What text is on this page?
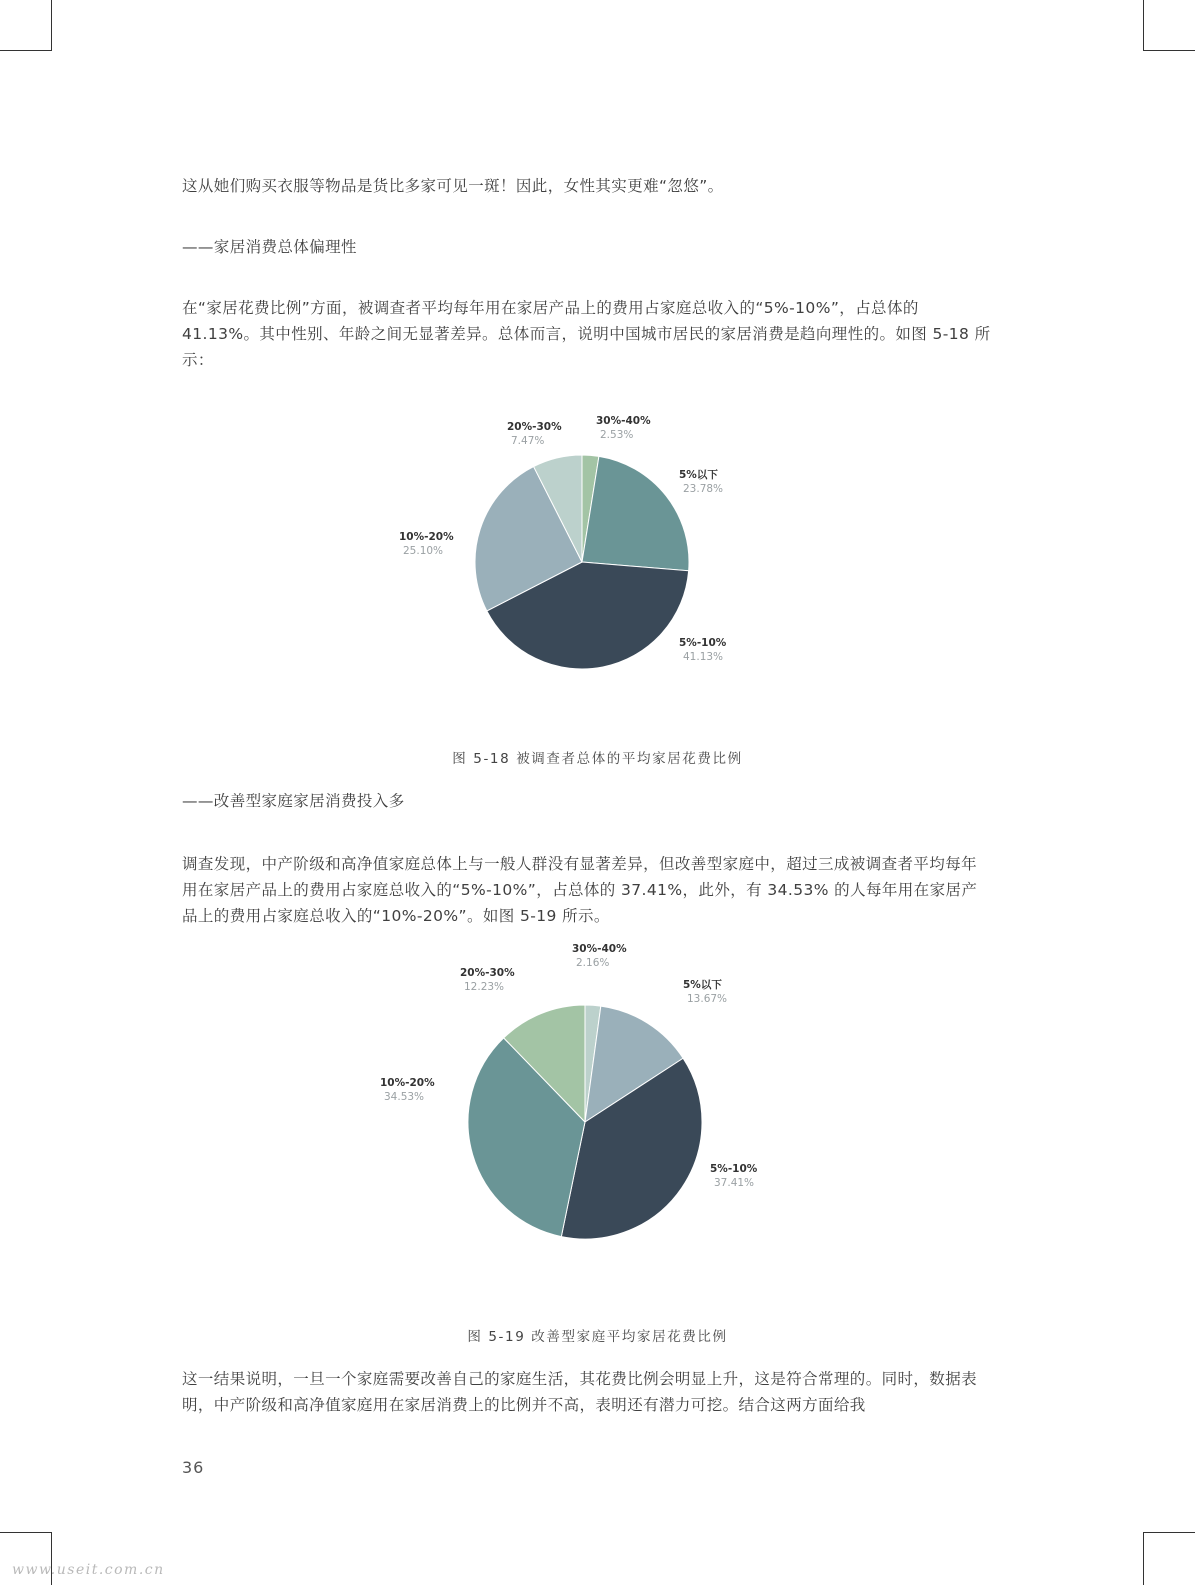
这从她们购买衣服等物品是货比多家可见一斑！因此，女性其实更难“忽悠”。
——家居消费总体偏理性
在“家居花费比例”方面，被调查者平均每年用在家居产品上的费用占家庭总收入的“5%-10%”，占总体的 41.13%。其中性别、年龄之间无显著差异。总体而言，说明中国城市居民的家居消费是趋向理性的。如图 5-18 所示：
30%-40%
2.53%
5%以下
23.78%
5%-10%
41.13%
10%-20%
25.10%
20%-30%
7.47%
图 5-18 被调查者总体的平均家居花费比例
——改善型家庭家居消费投入多
调查发现，中产阶级和高净值家庭总体上与一般人群没有显著差异，但改善型家庭中，超过三成被调查者平均每年用在家居产品上的费用占家庭总收入的“5%-10%”，占总体的 37.41%，此外，有 34.53% 的人每年用在家居产品上的费用占家庭总收入的“10%-20%”。如图 5-19 所示。
30%-40%
2.16%
5%以下
13.67%
5%-10%
37.41%
10%-20%
34.53%
20%-30%
12.23%
图 5-19 改善型家庭平均家居花费比例
这一结果说明，一旦一个家庭需要改善自己的家庭生活，其花费比例会明显上升，这是符合常理的。同时，数据表明，中产阶级和高净值家庭用在家居消费上的比例并不高，表明还有潜力可挖。结合这两方面给我
36
www.useit.com.cn
